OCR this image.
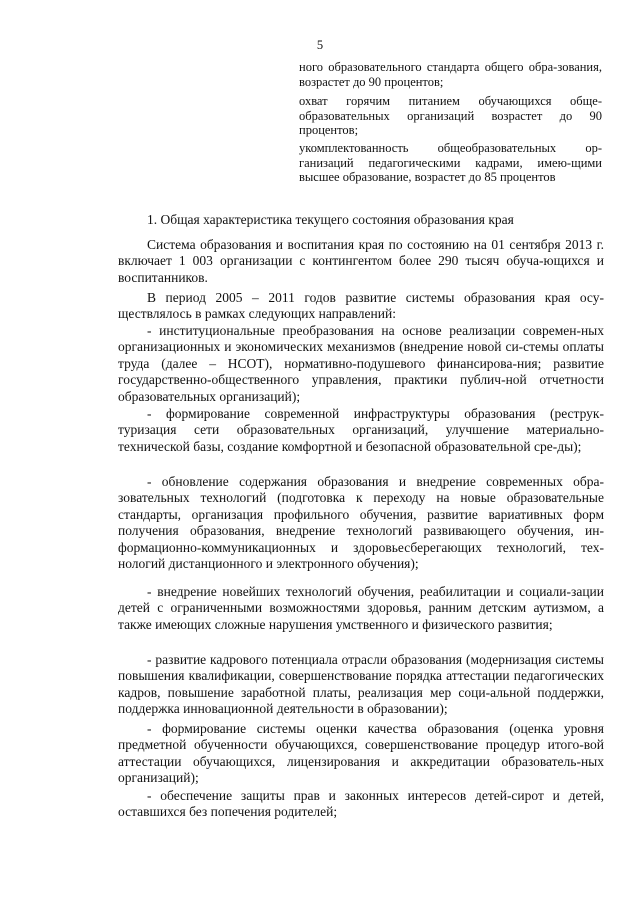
5
ного образовательного стандарта общего обра-зования, возрастет до 90 процентов;
охват горячим питанием обучающихся обще-образовательных организаций возрастет до 90 процентов;
укомплектованность общеобразовательных ор-ганизаций педагогическими кадрами, имею-щими высшее образование, возрастет до 85 процентов
1. Общая характеристика текущего состояния образования края

Система образования и воспитания края по состоянию на 01 сентября 2013 г. включает 1 003 организации с контингентом более 290 тысяч обуча-ющихся и воспитанников.

В период 2005 – 2011 годов развитие системы образования края осу-ществлялось в рамках следующих направлений:

- институциональные преобразования на основе реализации современ-ных организационных и экономических механизмов (внедрение новой си-стемы оплаты труда (далее – НСОТ), нормативно-подушевого финансирова-ния; развитие государственно-общественного управления, практики публич-ной отчетности образовательных организаций);

- формирование современной инфраструктуры образования (реструк-туризация сети образовательных организаций, улучшение материально-технической базы, создание комфортной и безопасной образовательной сре-ды);

- обновление содержания образования и внедрение современных обра-зовательных технологий (подготовка к переходу на новые образовательные стандарты, организация профильного обучения, развитие вариативных форм получения образования, внедрение технологий развивающего обучения, ин-формационно-коммуникационных и здоровьесберегающих технологий, тех-нологий дистанционного и электронного обучения);

- внедрение новейших технологий обучения, реабилитации и социали-зации детей с ограниченными возможностями здоровья, ранним детским аутизмом, а также имеющих сложные нарушения умственного и физического развития;

- развитие кадрового потенциала отрасли образования (модернизация системы повышения квалификации, совершенствование порядка аттестации педагогических кадров, повышение заработной платы, реализация мер соци-альной поддержки, поддержка инновационной деятельности в образовании);

- формирование системы оценки качества образования (оценка уровня предметной обученности обучающихся, совершенствование процедур итого-вой аттестации обучающихся, лицензирования и аккредитации образователь-ных организаций);

- обеспечение защиты прав и законных интересов детей-сирот и детей, оставшихся без попечения родителей;
